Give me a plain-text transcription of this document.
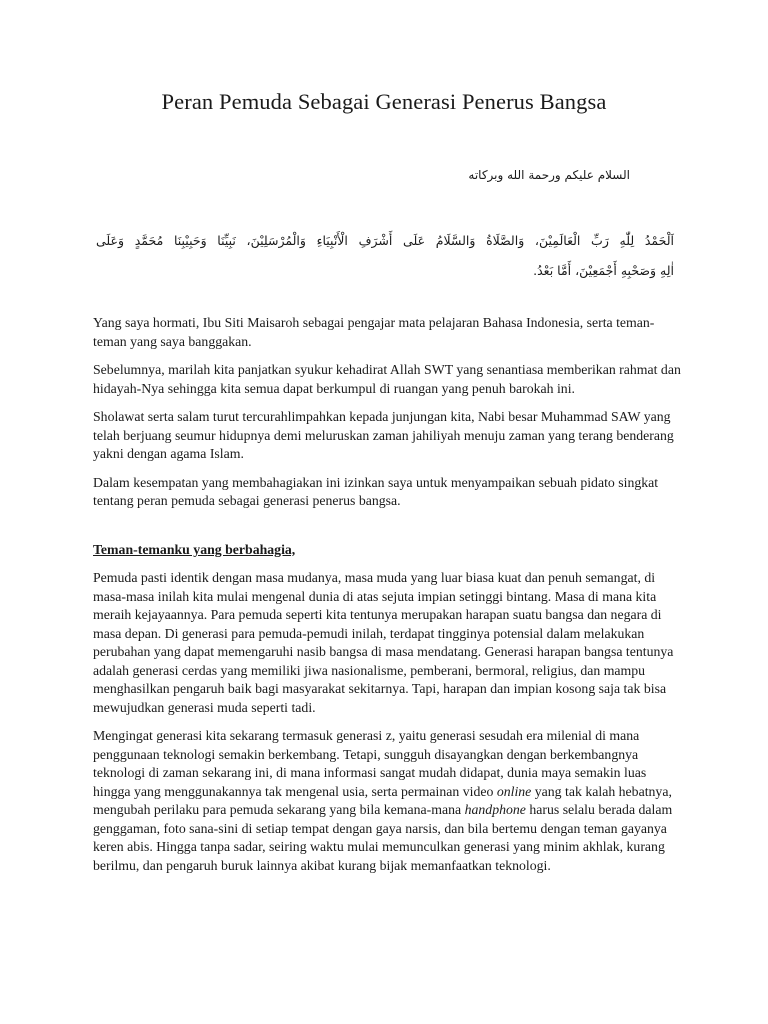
Peran Pemuda Sebagai Generasi Penerus Bangsa
السلام عليكم ورحمة الله وبركاته
اَلْحَمْدُ لِلّٰهِ رَبِّ الْعَالَمِيْنَ، وَالصَّلَاةُ وَالسَّلَامُ عَلَى أَشْرَفِ الْأَنْبِيَاءِ وَالْمُرْسَلِيْنَ، نَبِيِّنَا وَحَبِيْبِنَا مُحَمَّدٍ وَعَلَى
اٰلِهِ وَصَحْبِهِ أَجْمَعِيْنَ، أَمَّا بَعْدُ.

Yang saya hormati, Ibu Siti Maisaroh sebagai pengajar mata pelajaran Bahasa Indonesia, serta teman-teman yang saya banggakan.

Sebelumnya, marilah kita panjatkan syukur kehadirat Allah SWT yang senantiasa memberikan rahmat dan hidayah-Nya sehingga kita semua dapat berkumpul di ruangan yang penuh barokah ini.

Sholawat serta salam turut tercurahlimpahkan kepada junjungan kita, Nabi besar Muhammad SAW yang telah berjuang seumur hidupnya demi meluruskan zaman jahiliyah menuju zaman yang terang benderang yakni dengan agama Islam.

Dalam kesempatan yang membahagiakan ini izinkan saya untuk menyampaikan sebuah pidato singkat tentang peran pemuda sebagai generasi penerus bangsa.

Teman-temanku yang berbahagia,

Pemuda pasti identik dengan masa mudanya, masa muda yang luar biasa kuat dan penuh semangat, di masa-masa inilah kita mulai mengenal dunia di atas sejuta impian setinggi bintang. Masa di mana kita meraih kejayaannya. Para pemuda seperti kita tentunya merupakan harapan suatu bangsa dan negara di masa depan. Di generasi para pemuda-pemudi inilah, terdapat tingginya potensial dalam melakukan perubahan yang dapat memengaruhi nasib bangsa di masa mendatang. Generasi harapan bangsa tentunya adalah generasi cerdas yang memiliki jiwa nasionalisme, pemberani, bermoral, religius, dan mampu menghasilkan pengaruh baik bagi masyarakat sekitarnya. Tapi, harapan dan impian kosong saja tak bisa mewujudkan generasi muda seperti tadi.

Mengingat generasi kita sekarang termasuk generasi z, yaitu generasi sesudah era milenial di mana penggunaan teknologi semakin berkembang. Tetapi, sungguh disayangkan dengan berkembangnya teknologi di zaman sekarang ini, di mana informasi sangat mudah didapat, dunia maya semakin luas hingga yang menggunakannya tak mengenal usia, serta permainan video online yang tak kalah hebatnya, mengubah perilaku para pemuda sekarang yang bila kemana-mana handphone harus selalu berada dalam genggaman, foto sana-sini di setiap tempat dengan gaya narsis, dan bila bertemu dengan teman gayanya keren abis. Hingga tanpa sadar, seiring waktu mulai memunculkan generasi yang minim akhlak, kurang berilmu, dan pengaruh buruk lainnya akibat kurang bijak memanfaatkan teknologi.
